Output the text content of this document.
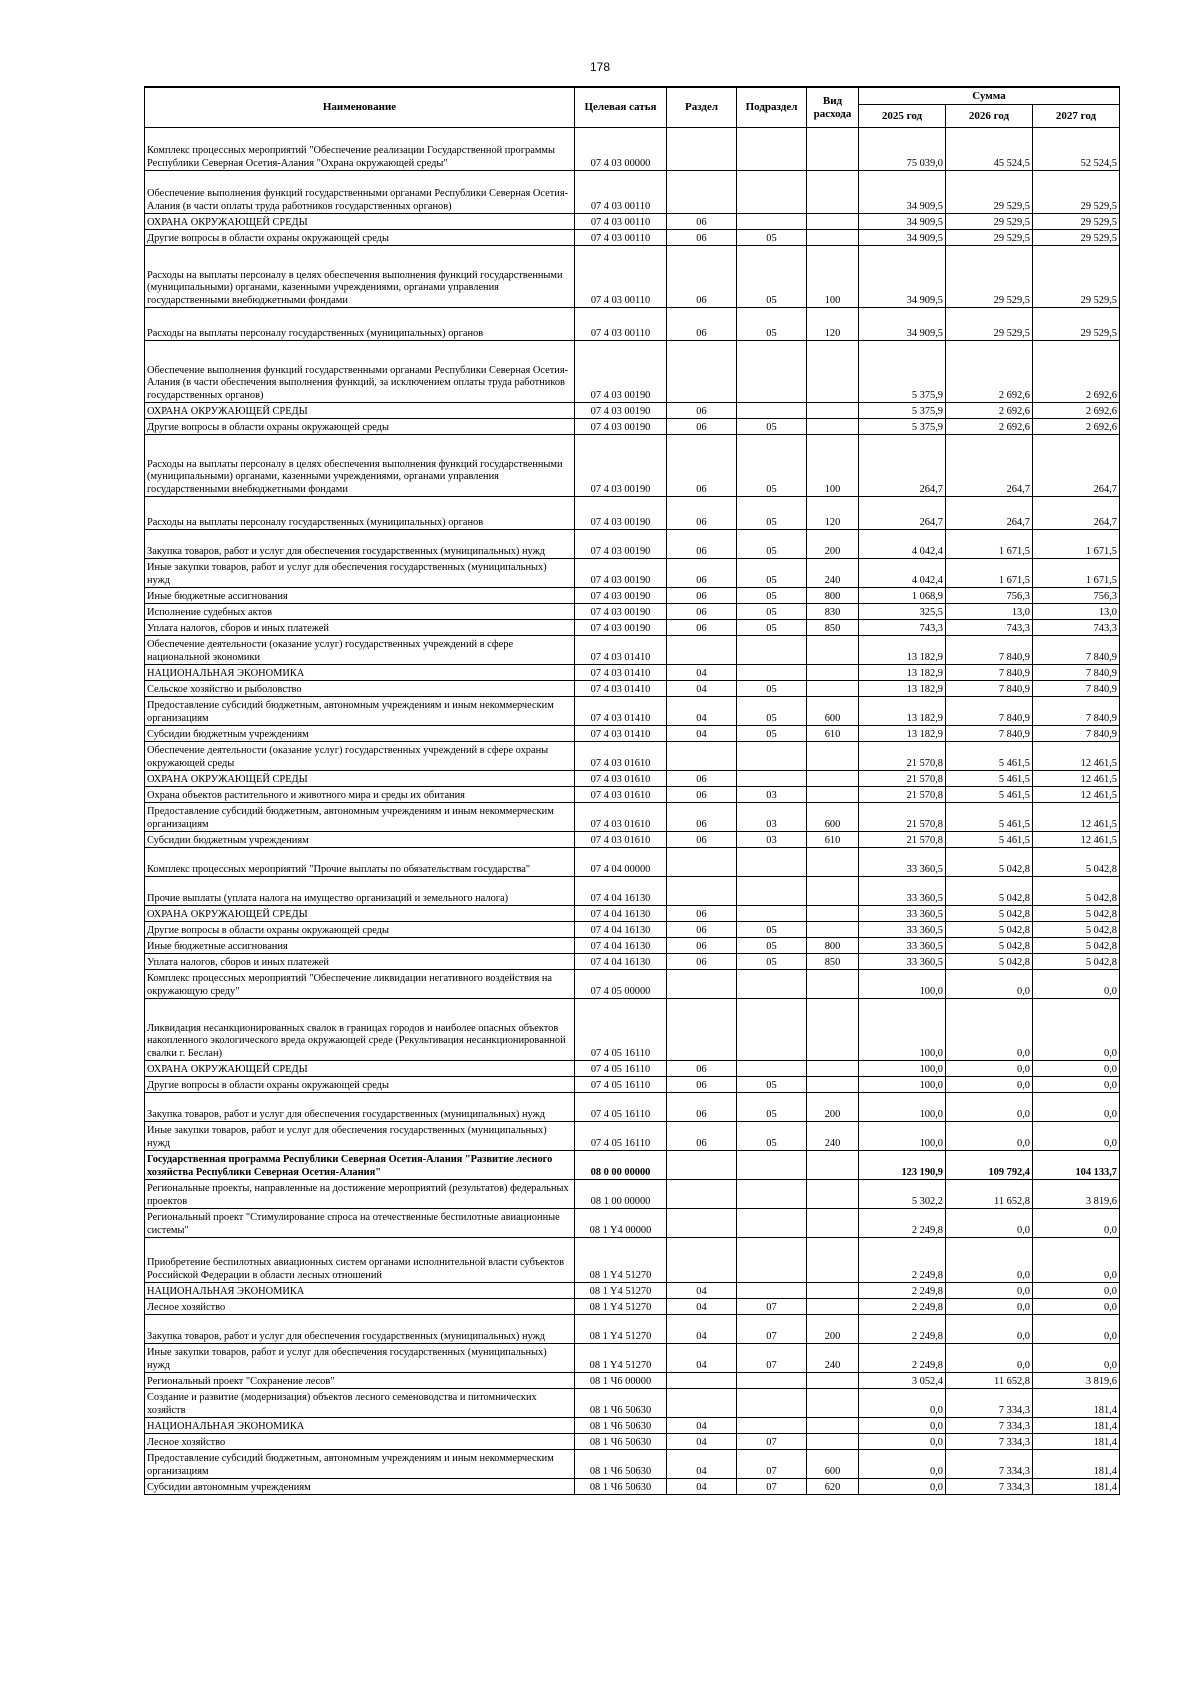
178
Наименование	Целевая сатья	Раздел	Подраздел	Вид расхода	Сумма		
					2025 год	2026 год	2027 год
Комплекс процессных мероприятий "Обеспечение реализации Государственной программы Республики Северная Осетия-Алания "Охрана окружающей среды"	07 4 03 00000				75 039,0	45 524,5	52 524,5
Обеспечение выполнения функций государственными органами Республики Северная Осетия-Алания (в части оплаты труда работников государственных органов)	07 4 03 00110				34 909,5	29 529,5	29 529,5
ОХРАНА ОКРУЖАЮЩЕЙ СРЕДЫ	07 4 03 00110	06			34 909,5	29 529,5	29 529,5
Другие вопросы в области охраны окружающей среды	07 4 03 00110	06	05		34 909,5	29 529,5	29 529,5
Расходы на выплаты персоналу в целях обеспечения выполнения функций государственными (муниципальными) органами, казенными учреждениями, органами управления государственными внебюджетными фондами	07 4 03 00110	06	05	100	34 909,5	29 529,5	29 529,5
Расходы на выплаты персоналу государственных (муниципальных) органов	07 4 03 00110	06	05	120	34 909,5	29 529,5	29 529,5
Обеспечение выполнения функций государственными органами Республики Северная Осетия-Алания (в части обеспечения выполнения функций, за исключением оплаты труда работников государственных органов)	07 4 03 00190				5 375,9	2 692,6	2 692,6
ОХРАНА ОКРУЖАЮЩЕЙ СРЕДЫ	07 4 03 00190	06			5 375,9	2 692,6	2 692,6
Другие вопросы в области охраны окружающей среды	07 4 03 00190	06	05		5 375,9	2 692,6	2 692,6
Расходы на выплаты персоналу в целях обеспечения выполнения функций государственными (муниципальными) органами, казенными учреждениями, органами управления государственными внебюджетными фондами	07 4 03 00190	06	05	100	264,7	264,7	264,7
Расходы на выплаты персоналу государственных (муниципальных) органов	07 4 03 00190	06	05	120	264,7	264,7	264,7
Закупка товаров, работ и услуг для обеспечения государственных (муниципальных) нужд	07 4 03 00190	06	05	200	4 042,4	1 671,5	1 671,5
Иные закупки товаров, работ и услуг для обеспечения государственных (муниципальных) нужд	07 4 03 00190	06	05	240	4 042,4	1 671,5	1 671,5
Иные бюджетные ассигнования	07 4 03 00190	06	05	800	1 068,9	756,3	756,3
Исполнение судебных актов	07 4 03 00190	06	05	830	325,5	13,0	13,0
Уплата налогов, сборов и иных платежей	07 4 03 00190	06	05	850	743,3	743,3	743,3
Обеспечение деятельности (оказание услуг) государственных учреждений в сфере национальной экономики	07 4 03 01410				13 182,9	7 840,9	7 840,9
НАЦИОНАЛЬНАЯ ЭКОНОМИКА	07 4 03 01410	04			13 182,9	7 840,9	7 840,9
Сельское хозяйство и рыболовство	07 4 03 01410	04	05		13 182,9	7 840,9	7 840,9
Предоставление субсидий бюджетным, автономным учреждениям и иным некоммерческим организациям	07 4 03 01410	04	05	600	13 182,9	7 840,9	7 840,9
Субсидии бюджетным учреждениям	07 4 03 01410	04	05	610	13 182,9	7 840,9	7 840,9
Обеспечение деятельности (оказание услуг) государственных учреждений в сфере охраны окружающей среды	07 4 03 01610				21 570,8	5 461,5	12 461,5
ОХРАНА ОКРУЖАЮЩЕЙ СРЕДЫ	07 4 03 01610	06			21 570,8	5 461,5	12 461,5
Охрана объектов растительного и животного мира и среды их обитания	07 4 03 01610	06	03		21 570,8	5 461,5	12 461,5
Предоставление субсидий бюджетным, автономным учреждениям и иным некоммерческим организациям	07 4 03 01610	06	03	600	21 570,8	5 461,5	12 461,5
Субсидии бюджетным учреждениям	07 4 03 01610	06	03	610	21 570,8	5 461,5	12 461,5
Комплекс процессных мероприятий "Прочие выплаты по обязательствам государства"	07 4 04 00000				33 360,5	5 042,8	5 042,8
Прочие выплаты (уплата налога на имущество организаций и земельного налога)	07 4 04 16130				33 360,5	5 042,8	5 042,8
ОХРАНА ОКРУЖАЮЩЕЙ СРЕДЫ	07 4 04 16130	06			33 360,5	5 042,8	5 042,8
Другие вопросы в области охраны окружающей среды	07 4 04 16130	06	05		33 360,5	5 042,8	5 042,8
Иные бюджетные ассигнования	07 4 04 16130	06	05	800	33 360,5	5 042,8	5 042,8
Уплата налогов, сборов и иных платежей	07 4 04 16130	06	05	850	33 360,5	5 042,8	5 042,8
Комплекс процессных мероприятий "Обеспечение ликвидации негативного воздействия на окружающую среду"	07 4 05 00000				100,0	0,0	0,0
Ликвидация несанкционированных свалок в границах городов и наиболее опасных объектов накопленного экологического вреда окружающей среде (Рекультивация несанкционированной свалки г. Беслан)	07 4 05 16110				100,0	0,0	0,0
ОХРАНА ОКРУЖАЮЩЕЙ СРЕДЫ	07 4 05 16110	06			100,0	0,0	0,0
Другие вопросы в области охраны окружающей среды	07 4 05 16110	06	05		100,0	0,0	0,0
Закупка товаров, работ и услуг для обеспечения государственных (муниципальных) нужд	07 4 05 16110	06	05	200	100,0	0,0	0,0
Иные закупки товаров, работ и услуг для обеспечения государственных (муниципальных) нужд	07 4 05 16110	06	05	240	100,0	0,0	0,0
Государственная программа Республики Северная Осетия-Алания "Развитие лесного хозяйства Республики Северная Осетия-Алания"	08 0 00 00000				123 190,9	109 792,4	104 133,7
Региональные проекты, направленные на достижение мероприятий (результатов) федеральных проектов	08 1 00 00000				5 302,2	11 652,8	3 819,6
Региональный проект "Стимулирование спроса на отечественные беспилотные авиационные системы"	08 1 Y4 00000				2 249,8	0,0	0,0
Приобретение беспилотных авиационных систем органами исполнительной власти субъектов Российской Федерации в области лесных отношений	08 1 Y4 51270				2 249,8	0,0	0,0
НАЦИОНАЛЬНАЯ ЭКОНОМИКА	08 1 Y4 51270	04			2 249,8	0,0	0,0
Лесное хозяйство	08 1 Y4 51270	04	07		2 249,8	0,0	0,0
Закупка товаров, работ и услуг для обеспечения государственных (муниципальных) нужд	08 1 Y4 51270	04	07	200	2 249,8	0,0	0,0
Иные закупки товаров, работ и услуг для обеспечения государственных (муниципальных) нужд	08 1 Y4 51270	04	07	240	2 249,8	0,0	0,0
Региональный проект "Сохранение лесов"	08 1 Ч6 00000				3 052,4	11 652,8	3 819,6
Создание и развитие (модернизация) объектов лесного семеноводства и питомнических хозяйств	08 1 Ч6 50630				0,0	7 334,3	181,4
НАЦИОНАЛЬНАЯ ЭКОНОМИКА	08 1 Ч6 50630	04			0,0	7 334,3	181,4
Лесное хозяйство	08 1 Ч6 50630	04	07		0,0	7 334,3	181,4
Предоставление субсидий бюджетным, автономным учреждениям и иным некоммерческим организациям	08 1 Ч6 50630	04	07	600	0,0	7 334,3	181,4
Субсидии автономным учреждениям	08 1 Ч6 50630	04	07	620	0,0	7 334,3	181,4
